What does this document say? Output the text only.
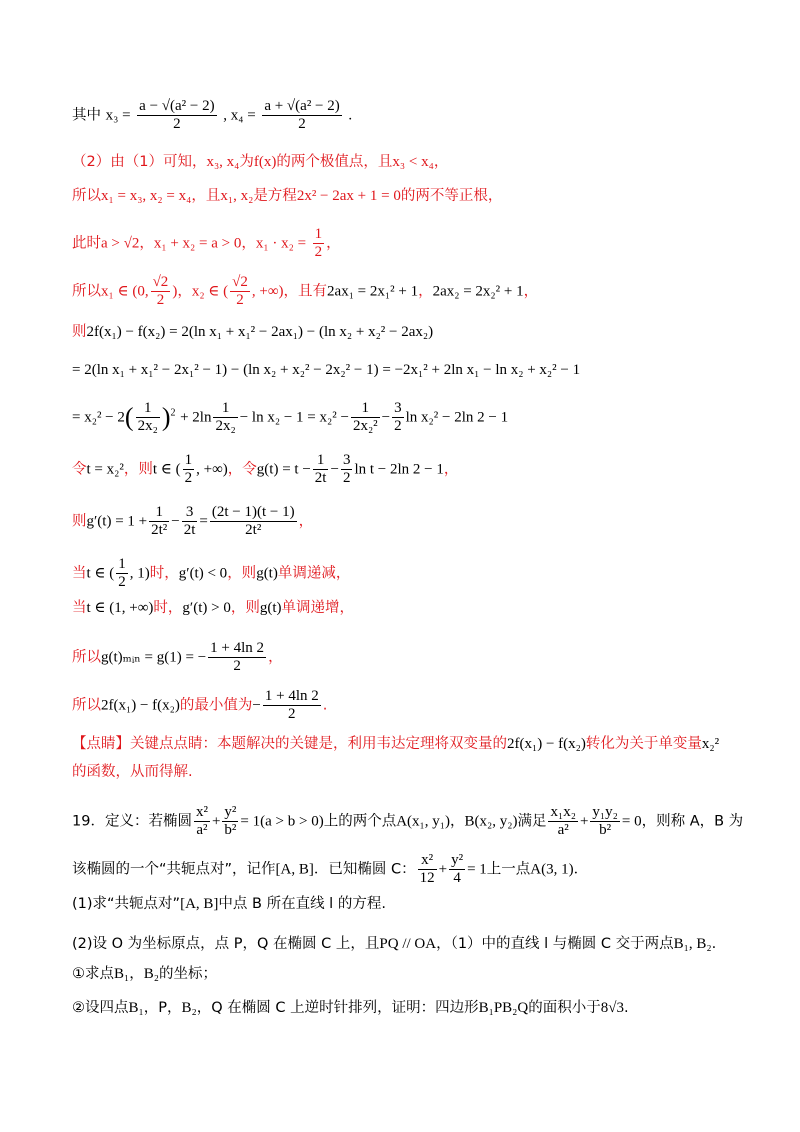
其中 $x_3 = \frac{\text{a − √(a² − 2)}}{2}$ , $x_4 = \frac{\text{a + √(a² − 2)}}{2}$ .
（2）由（1）可知，x₃, x₄为f(x)的两个极值点，且x₃ < x₄，
所以x₁ = x₃, x₂ = x₄，且x₁, x₂是方程2x² − 2ax + 1 = 0的两不等正根，
此时a > √2，x₁ + x₂ = a > 0，$x_1 \cdot x_2 = \frac{1}{2}$ ，
所以x₁ ∈ (0, $\frac{√2}{2}$ )，x₂ ∈ ( $\frac{√2}{2}$ , +∞)，且有2ax₁ = 2x₁² + 1，2ax₂ = 2x₂² + 1，
则2f(x₁) − f(x₂) = 2(ln x₁ + x₁² − 2ax₁) − (ln x₂ + x₂² − 2ax₂)
= 2(ln x₁ + x₁² − 2x₁² − 1) − (ln x₂ + x₂² − 2x₂² − 1) = −2x₁² + 2ln x₁ − ln x₂ + x₂² − 1
= $x_2^2 - 2( \frac{1}{\text{2x₂}} )^2 + 2\ln \frac{1}{\text{2x₂}} - \ln x_2 - 1 = x_2^2 - \frac{1}{\text{2x₂²}} - \frac{3}{2}$ ln x₂² − 2ln 2 − 1
令t = x₂²，则t ∈ ( $\frac{1}{2}$ , +∞)，令$g(t) = t - \frac{1}{2t} - \frac{3}{2}$ ln t − 2ln 2 − 1，
则$g'(t) = 1 + \frac{1}{\text{2t²}} - \frac{3}{2t} = \frac{(2t - 1)(t - 1)}{\text{2t²}}$ ，
当t ∈ ( $\frac{1}{2}$ , 1)时，g′(t) < 0，则g(t)单调递减，
当t ∈ (1, +∞)时，g′(t) > 0，则g(t)单调递增，
所以g(t)ₘᵢₙ = g(1) = − $\frac{1 + 4\ln 2}{2}$ ，
所以2f(x₁) − f(x₂)的最小值为− $\frac{1 + 4\ln 2}{2}$ .
【点睛】关键点点睛：本题解决的关键是，利用韦达定理将双变量的2f(x₁) − f(x₂)转化为关于单变量x₂²
的函数，从而得解.
19．定义：若椭圆 $\frac{\text{x²}}{\text{a²}} + \frac{\text{y²}}{\text{b²}} = 1(a > b > 0)$上的两个点A(x₁, y₁)，B(x₂, y₂)满足 $\frac{\text{x₁x₂}}{\text{a²}} + \frac{\text{y₁y₂}}{\text{b²}} = 0$，则称 A，B 为
该椭圆的一个“共轭点对”，记作[A, B]．已知椭圆 C： $\frac{\text{x²}}{12} + \frac{\text{y²}}{4} = 1$上一点A(3, 1)．
(1)求“共轭点对”[A, B]中点 B 所在直线 l 的方程.
(2)设 O 为坐标原点，点 P，Q 在椭圆 C 上，且PQ // OA，（1）中的直线 l 与椭圆 C 交于两点B₁, B₂.
①求点B₁，B₂的坐标；
②设四点B₁，P，B₂，Q 在椭圆 C 上逆时针排列，证明：四边形B₁PB₂Q的面积小于8√3.
